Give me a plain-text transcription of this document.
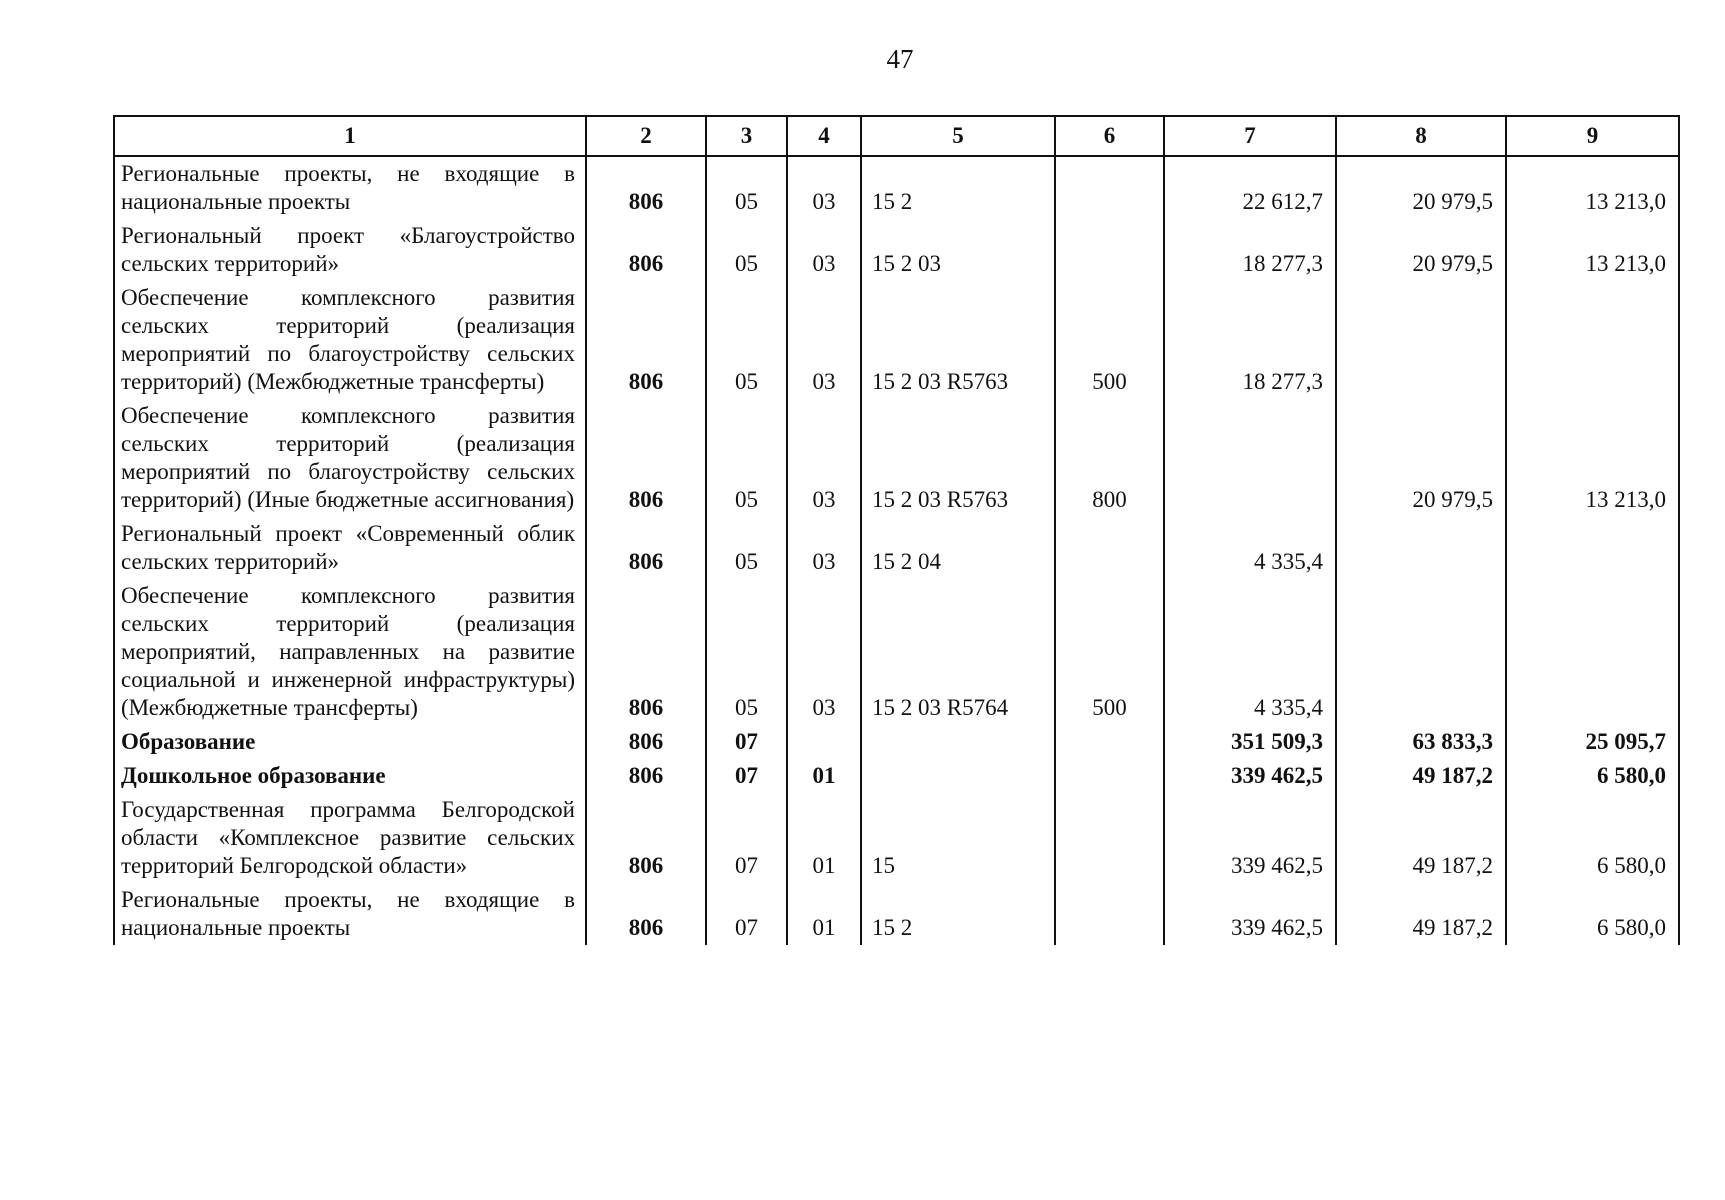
47
1	2	3	4	5	6	7	8	9
Региональные проекты, не входящие в национальные проекты	806	05	03	15 2		22 612,7	20 979,5	13 213,0
Региональный проект «Благоустройство сельских территорий»	806	05	03	15 2 03		18 277,3	20 979,5	13 213,0
Обеспечение комплексного развития сельских территорий (реализация мероприятий по благоустройству сельских территорий) (Межбюджетные трансферты)	806	05	03	15 2 03 R5763	500	18 277,3		
Обеспечение комплексного развития сельских территорий (реализация мероприятий по благоустройству сельских территорий) (Иные бюджетные ассигнования)	806	05	03	15 2 03 R5763	800		20 979,5	13 213,0
Региональный проект «Современный облик сельских территорий»	806	05	03	15 2 04		4 335,4		
Обеспечение комплексного развития сельских территорий (реализация мероприятий, направленных на развитие социальной и инженерной инфраструктуры) (Межбюджетные трансферты)	806	05	03	15 2 03 R5764	500	4 335,4		
Образование	806	07				351 509,3	63 833,3	25 095,7
Дошкольное образование	806	07	01			339 462,5	49 187,2	6 580,0
Государственная программа Белгородской области «Комплексное развитие сельских территорий Белгородской области»	806	07	01	15		339 462,5	49 187,2	6 580,0
Региональные проекты, не входящие в национальные проекты	806	07	01	15 2		339 462,5	49 187,2	6 580,0
